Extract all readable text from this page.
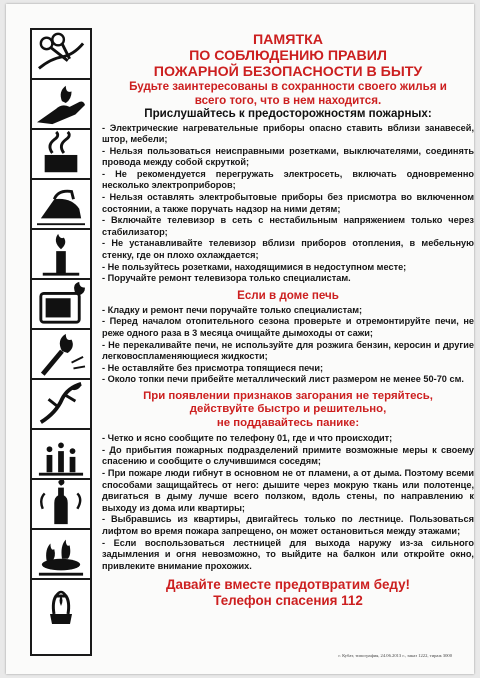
ПАМЯТКА

ПО СОБЛЮДЕНИЮ ПРАВИЛ

ПОЖАРНОЙ БЕЗОПАСНОСТИ В БЫТУ

Будьте заинтересованы в сохранности своего жилья и

всего того, что в нем находится.

Прислушайтесь к предосторожностям пожарных:

- Электрические нагревательные приборы опасно ставить вблизи занавесей, штор, мебели;
- Нельзя пользоваться неисправными розетками, выключателями, соединять провода между собой скруткой;
- Не рекомендуется перегружать электросеть, включать одновременно несколько электроприборов;
- Нельзя оставлять электробытовые приборы без присмотра во включенном состоянии, а также поручать надзор на ними детям;
- Включайте телевизор в сеть с нестабильным напряжением только через стабилизатор;
- Не устанавливайте телевизор вблизи приборов отопления, в мебельную стенку, где он плохо охлаждается;
- Не пользуйтесь розетками, находящимися в недоступном месте;
- Поручайте ремонт телевизора только специалистам.

Если в доме печь

- Кладку и ремонт печи поручайте только специалистам;
- Перед началом отопительного сезона проверьте и отремонтируйте печи, не реже одного раза в 3 месяца очищайте дымоходы от сажи;
- Не перекаливайте печи, не используйте для розжига бензин, керосин и другие легковоспламеняющиеся жидкости;
- Не оставляйте без присмотра топящиеся печи;
- Около топки печи прибейте металлический лист размером не менее 50-70 см.
При появлении признаков загорания не теряйтесь,
действуйте быстро и решительно,
не поддавайтесь панике:
- Четко и ясно сообщите по телефону 01, где и что происходит;
- До прибытия пожарных подразделений примите возможные меры к своему спасению и сообщите о случившимся соседям;
- При пожаре люди гибнут в основном не от пламени, а от дыма. Поэтому всеми способами защищайтесь от него: дышите через мокрую ткань или полотенце, двигаться в дыму лучше всего ползком, вдоль стены, по направлению к выходу из дома или квартиры;
- Выбравшись из квартиры, двигайтесь только по лестнице. Пользоваться лифтом во время пожара запрещено, он может остановиться между этажами;
- Если воспользоваться лестницей для выхода наружу из-за сильного задымления и огня невозможно, то выйдите на балкон или откройте окно, привлеките внимание прохожих.

Давайте вместе предотвратим беду!

Телефон спасения 112

г. Кубат, типография, 24.06.2013 г., заказ 1222, тираж 3000
